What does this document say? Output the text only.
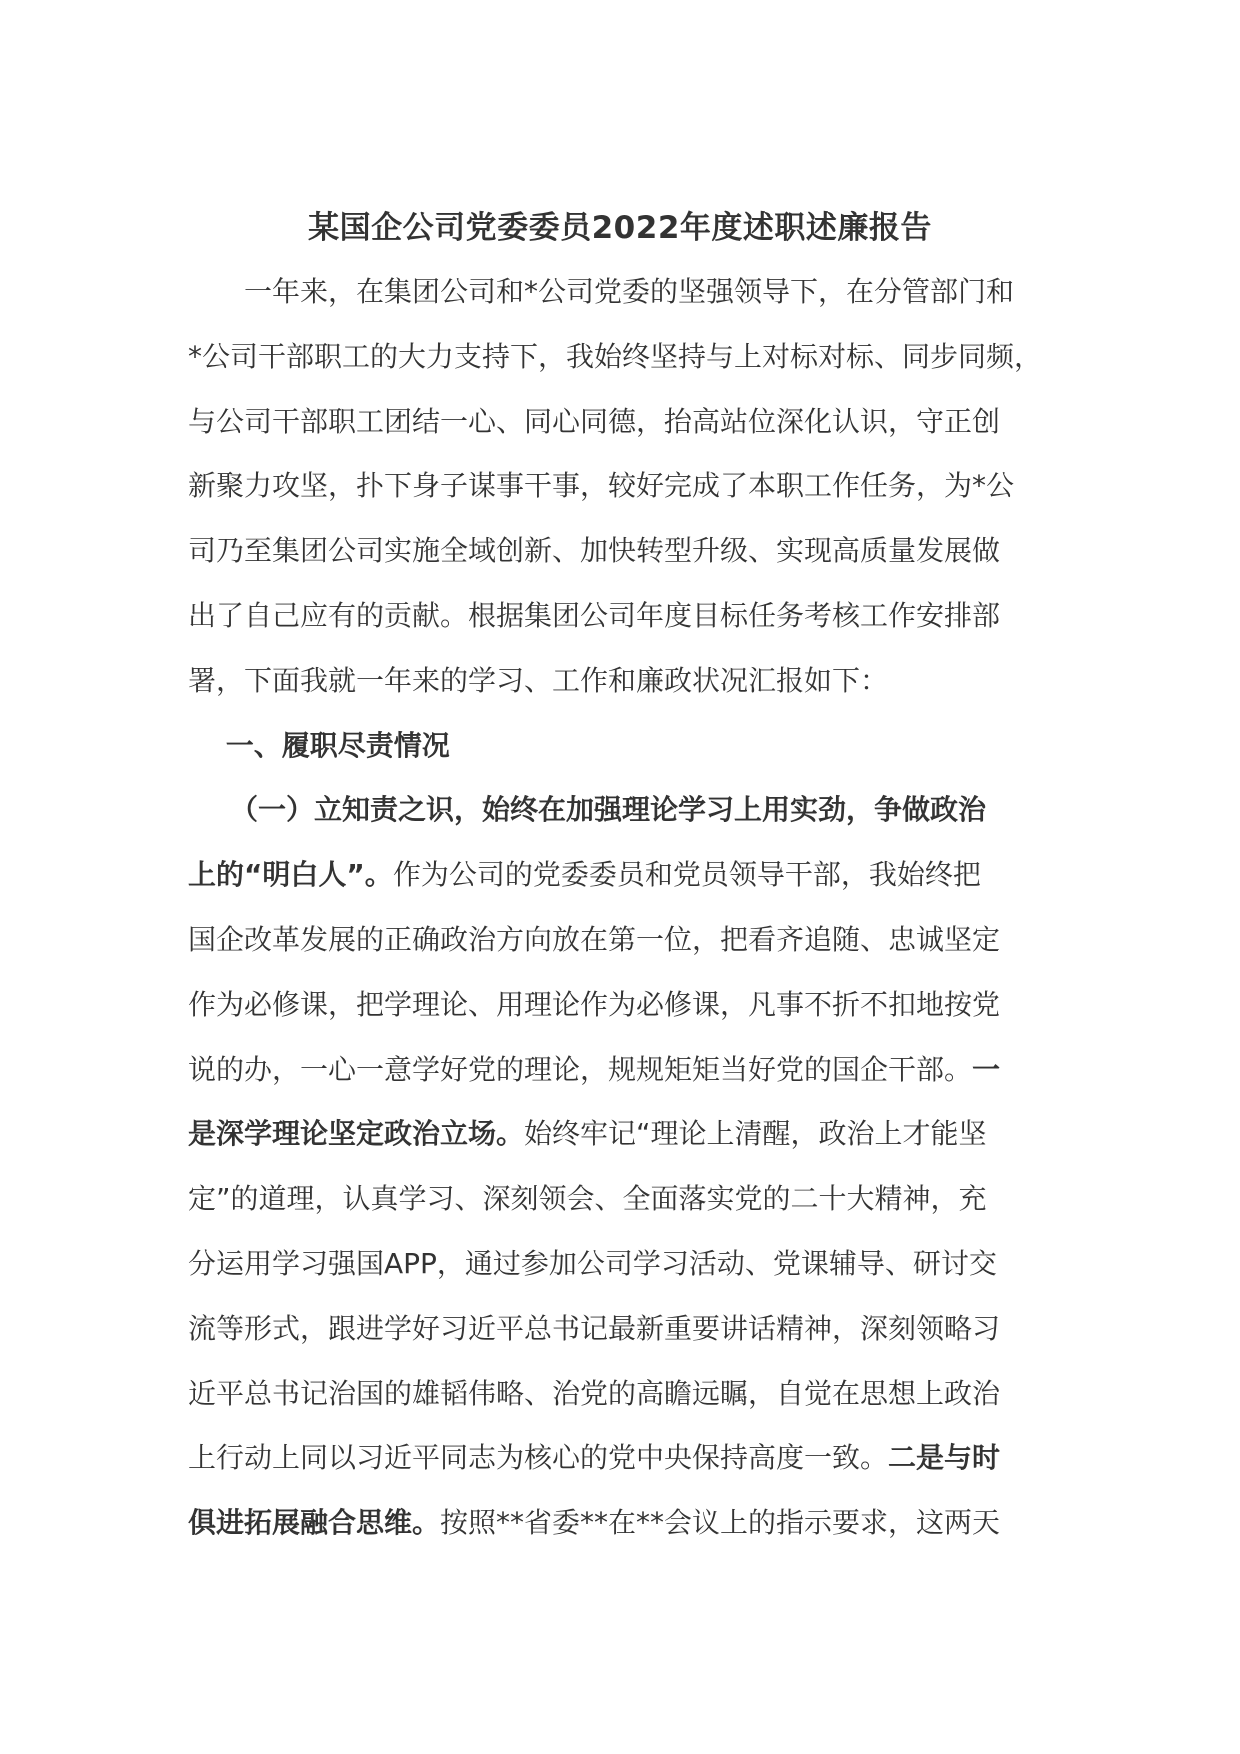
某国企公司党委委员2022年度述职述廉报告
　　一年来，在集团公司和*公司党委的坚强领导下，在分管部门和
*公司干部职工的大力支持下，我始终坚持与上对标对标、同步同频，
与公司干部职工团结一心、同心同德，抬高站位深化认识，守正创
新聚力攻坚，扑下身子谋事干事，较好完成了本职工作任务，为*公
司乃至集团公司实施全域创新、加快转型升级、实现高质量发展做
出了自己应有的贡献。根据集团公司年度目标任务考核工作安排部
署，下面我就一年来的学习、工作和廉政状况汇报如下：
　 一、履职尽责情况
　　（一）立知责之识，始终在加强理论学习上用实劲，争做政治
上的“明白人”。作为公司的党委委员和党员领导干部，我始终把
国企改革发展的正确政治方向放在第一位，把看齐追随、忠诚坚定
作为必修课，把学理论、用理论作为必修课，凡事不折不扣地按党
说的办，一心一意学好党的理论，规规矩矩当好党的国企干部。一
是深学理论坚定政治立场。始终牢记“理论上清醒，政治上才能坚
定”的道理，认真学习、深刻领会、全面落实党的二十大精神，充
分运用学习强国APP，通过参加公司学习活动、党课辅导、研讨交
流等形式，跟进学好习近平总书记最新重要讲话精神，深刻领略习
近平总书记治国的雄韬伟略、治党的高瞻远瞩，自觉在思想上政治
上行动上同以习近平同志为核心的党中央保持高度一致。二是与时
俱进拓展融合思维。按照**省委**在**会议上的指示要求，这两天
